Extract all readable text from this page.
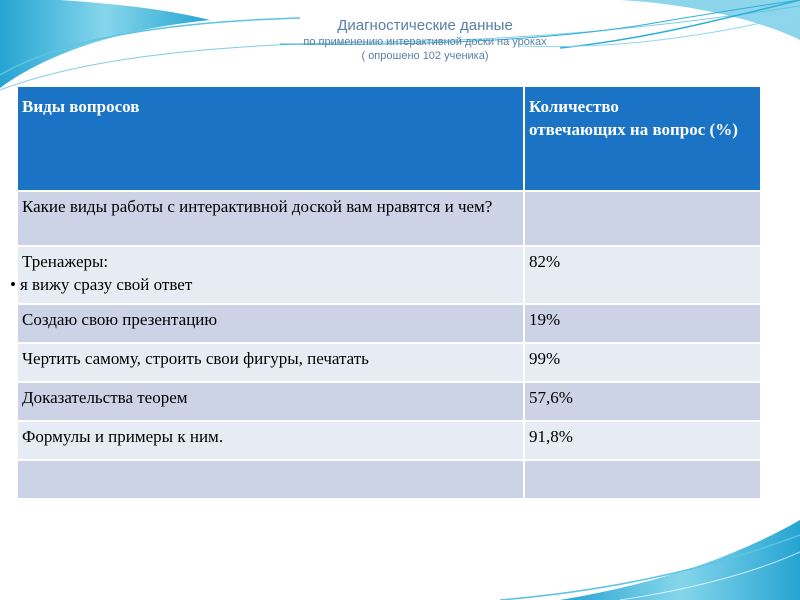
Диагностические данные
по применению интерактивной доски на уроках
( опрошено 102 ученика)
Виды вопросов	Количество
отвечающих на вопрос (%)
Какие виды работы с интерактивной доской вам нравятся и чем?	
Тренажеры:
• я вижу сразу свой ответ	82%
Создаю свою презентацию	19%
Чертить самому, строить свои фигуры, печатать	99%
Доказательства теорем	57,6%
Формулы и примеры к ним.	91,8%
